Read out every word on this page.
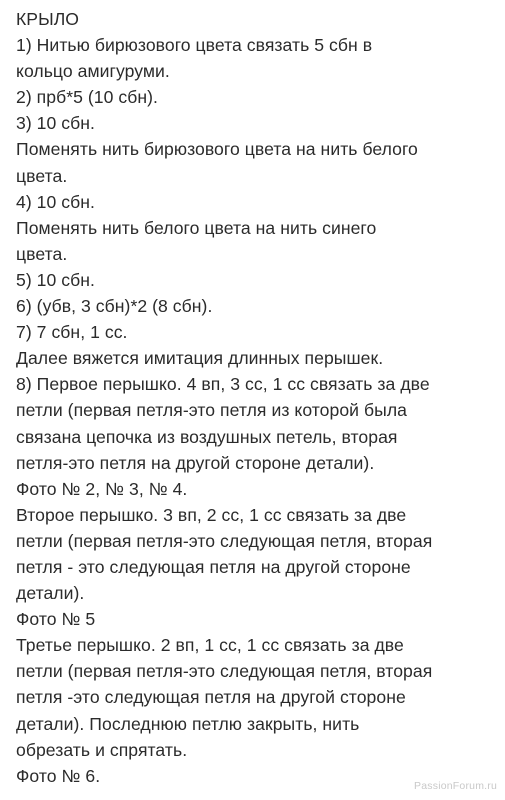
КРЫЛО
1) Нитью бирюзового цвета связать 5 сбн в
кольцо амигуруми.
2) прб*5 (10 сбн).
3) 10 сбн.
Поменять нить бирюзового цвета на нить белого
цвета.
4) 10 сбн.
Поменять нить белого цвета на нить синего
цвета.
5) 10 сбн.
6) (убв, 3 сбн)*2 (8 сбн).
7) 7 сбн, 1 сс.
Далее вяжется имитация длинных перышек.
8) Первое перышко. 4 вп, 3 сс, 1 сс связать за две
петли (первая петля-это петля из которой была
связана цепочка из воздушных петель, вторая
петля-это петля на другой стороне детали).
Фото № 2, № 3, № 4.
Второе перышко. 3 вп, 2 сс, 1 сс связать за две
петли (первая петля-это следующая петля, вторая
петля - это следующая петля на другой стороне
детали).
Фото № 5
Третье перышко. 2 вп, 1 сс, 1 сс связать за две
петли (первая петля-это следующая петля, вторая
петля -это следующая петля на другой стороне
детали). Последнюю петлю закрыть, нить
обрезать и спрятать.
Фото № 6.
PassionForum.ru
